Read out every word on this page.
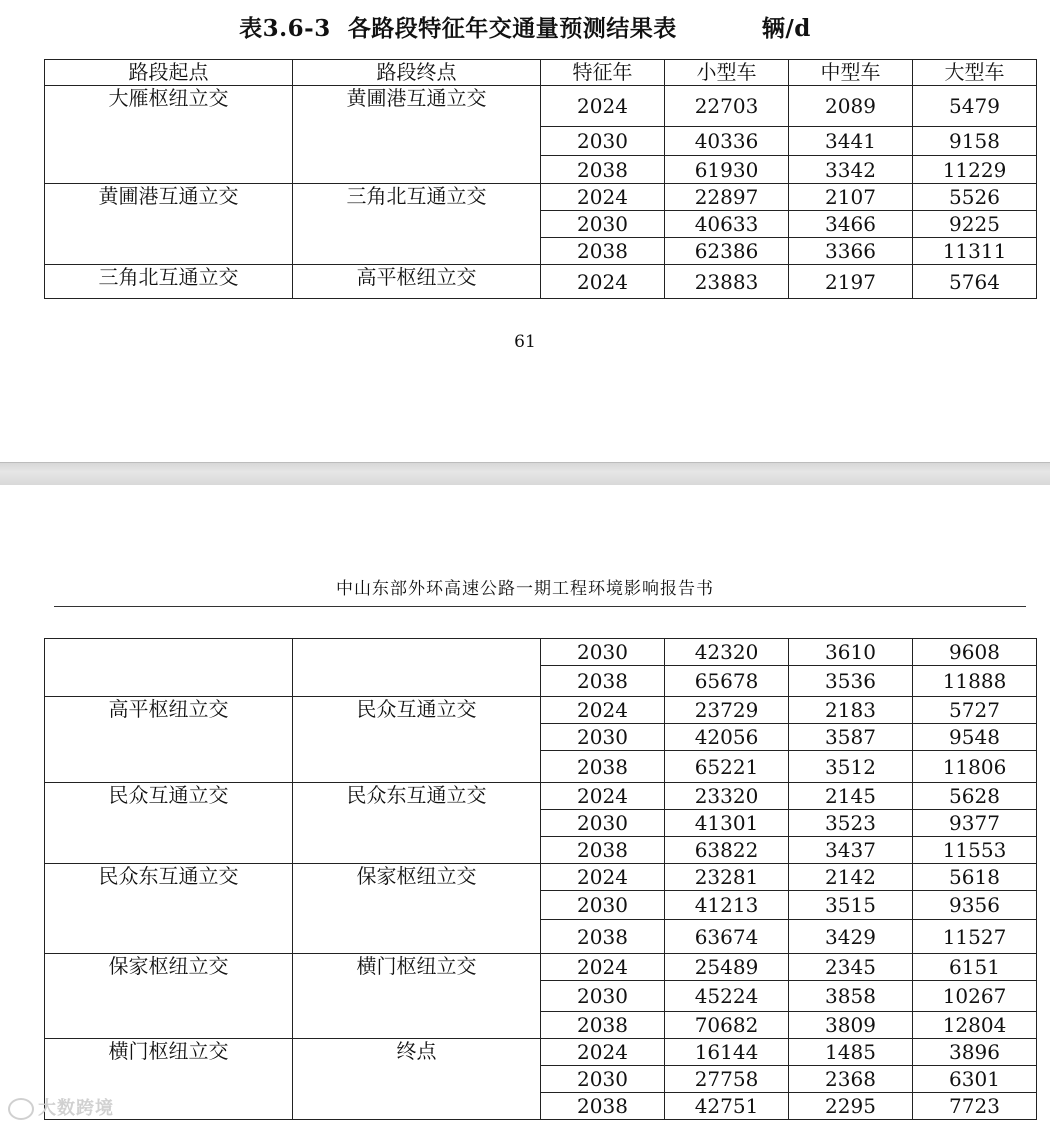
表3.6-3  各路段特征年交通量预测结果表          辆/d
路段起点	路段终点	特征年	小型车	中型车	大型车
大雁枢纽立交	黄圃港互通立交	2024	22703	2089	5479
		2030	40336	3441	9158
		2038	61930	3342	11229
黄圃港互通立交	三角北互通立交	2024	22897	2107	5526
		2030	40633	3466	9225
		2038	62386	3366	11311
三角北互通立交	高平枢纽立交	2024	23883	2197	5764
61
中山东部外环高速公路一期工程环境影响报告书
		2030	42320	3610	9608
		2038	65678	3536	11888
高平枢纽立交	民众互通立交	2024	23729	2183	5727
		2030	42056	3587	9548
		2038	65221	3512	11806
民众互通立交	民众东互通立交	2024	23320	2145	5628
		2030	41301	3523	9377
		2038	63822	3437	11553
民众东互通立交	保家枢纽立交	2024	23281	2142	5618
		2030	41213	3515	9356
		2038	63674	3429	11527
保家枢纽立交	横门枢纽立交	2024	25489	2345	6151
		2030	45224	3858	10267
		2038	70682	3809	12804
横门枢纽立交	终点	2024	16144	1485	3896
		2030	27758	2368	6301
		2038	42751	2295	7723
大数跨境
